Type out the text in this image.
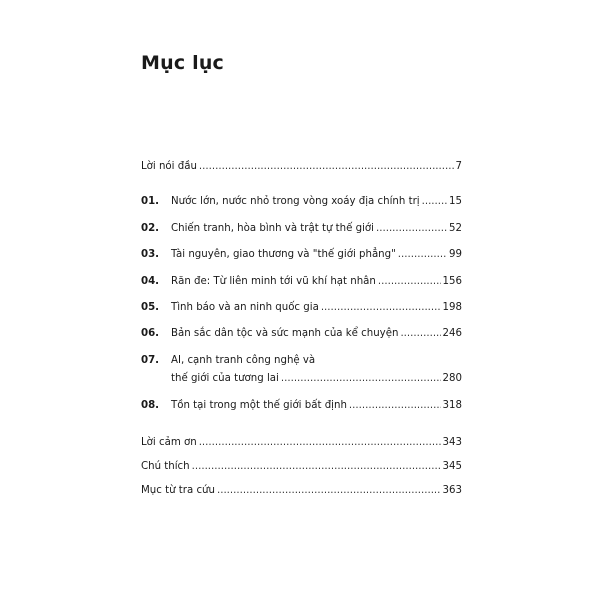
Mục lục
Lời nói đầu .....	7
01.	Nước lớn, nước nhỏ trong vòng xoáy địa chính trị .....	15
02.	Chiến tranh, hòa bình và trật tự thế giới .....	52
03.	Tài nguyên, giao thương và "thế giới phẳng" .....	99
04.	Răn đe: Từ liên minh tới vũ khí hạt nhân .....	156
05.	Tình báo và an ninh quốc gia .....	198
06.	Bản sắc dân tộc và sức mạnh của kể chuyện .....	246
07.	AI, cạnh tranh công nghệ và
thế giới của tương lai .....	280
08.	Tồn tại trong một thế giới bất định .....	318
Lời cảm ơn .....	343
Chú thích .....	345
Mục từ tra cứu .....	363
